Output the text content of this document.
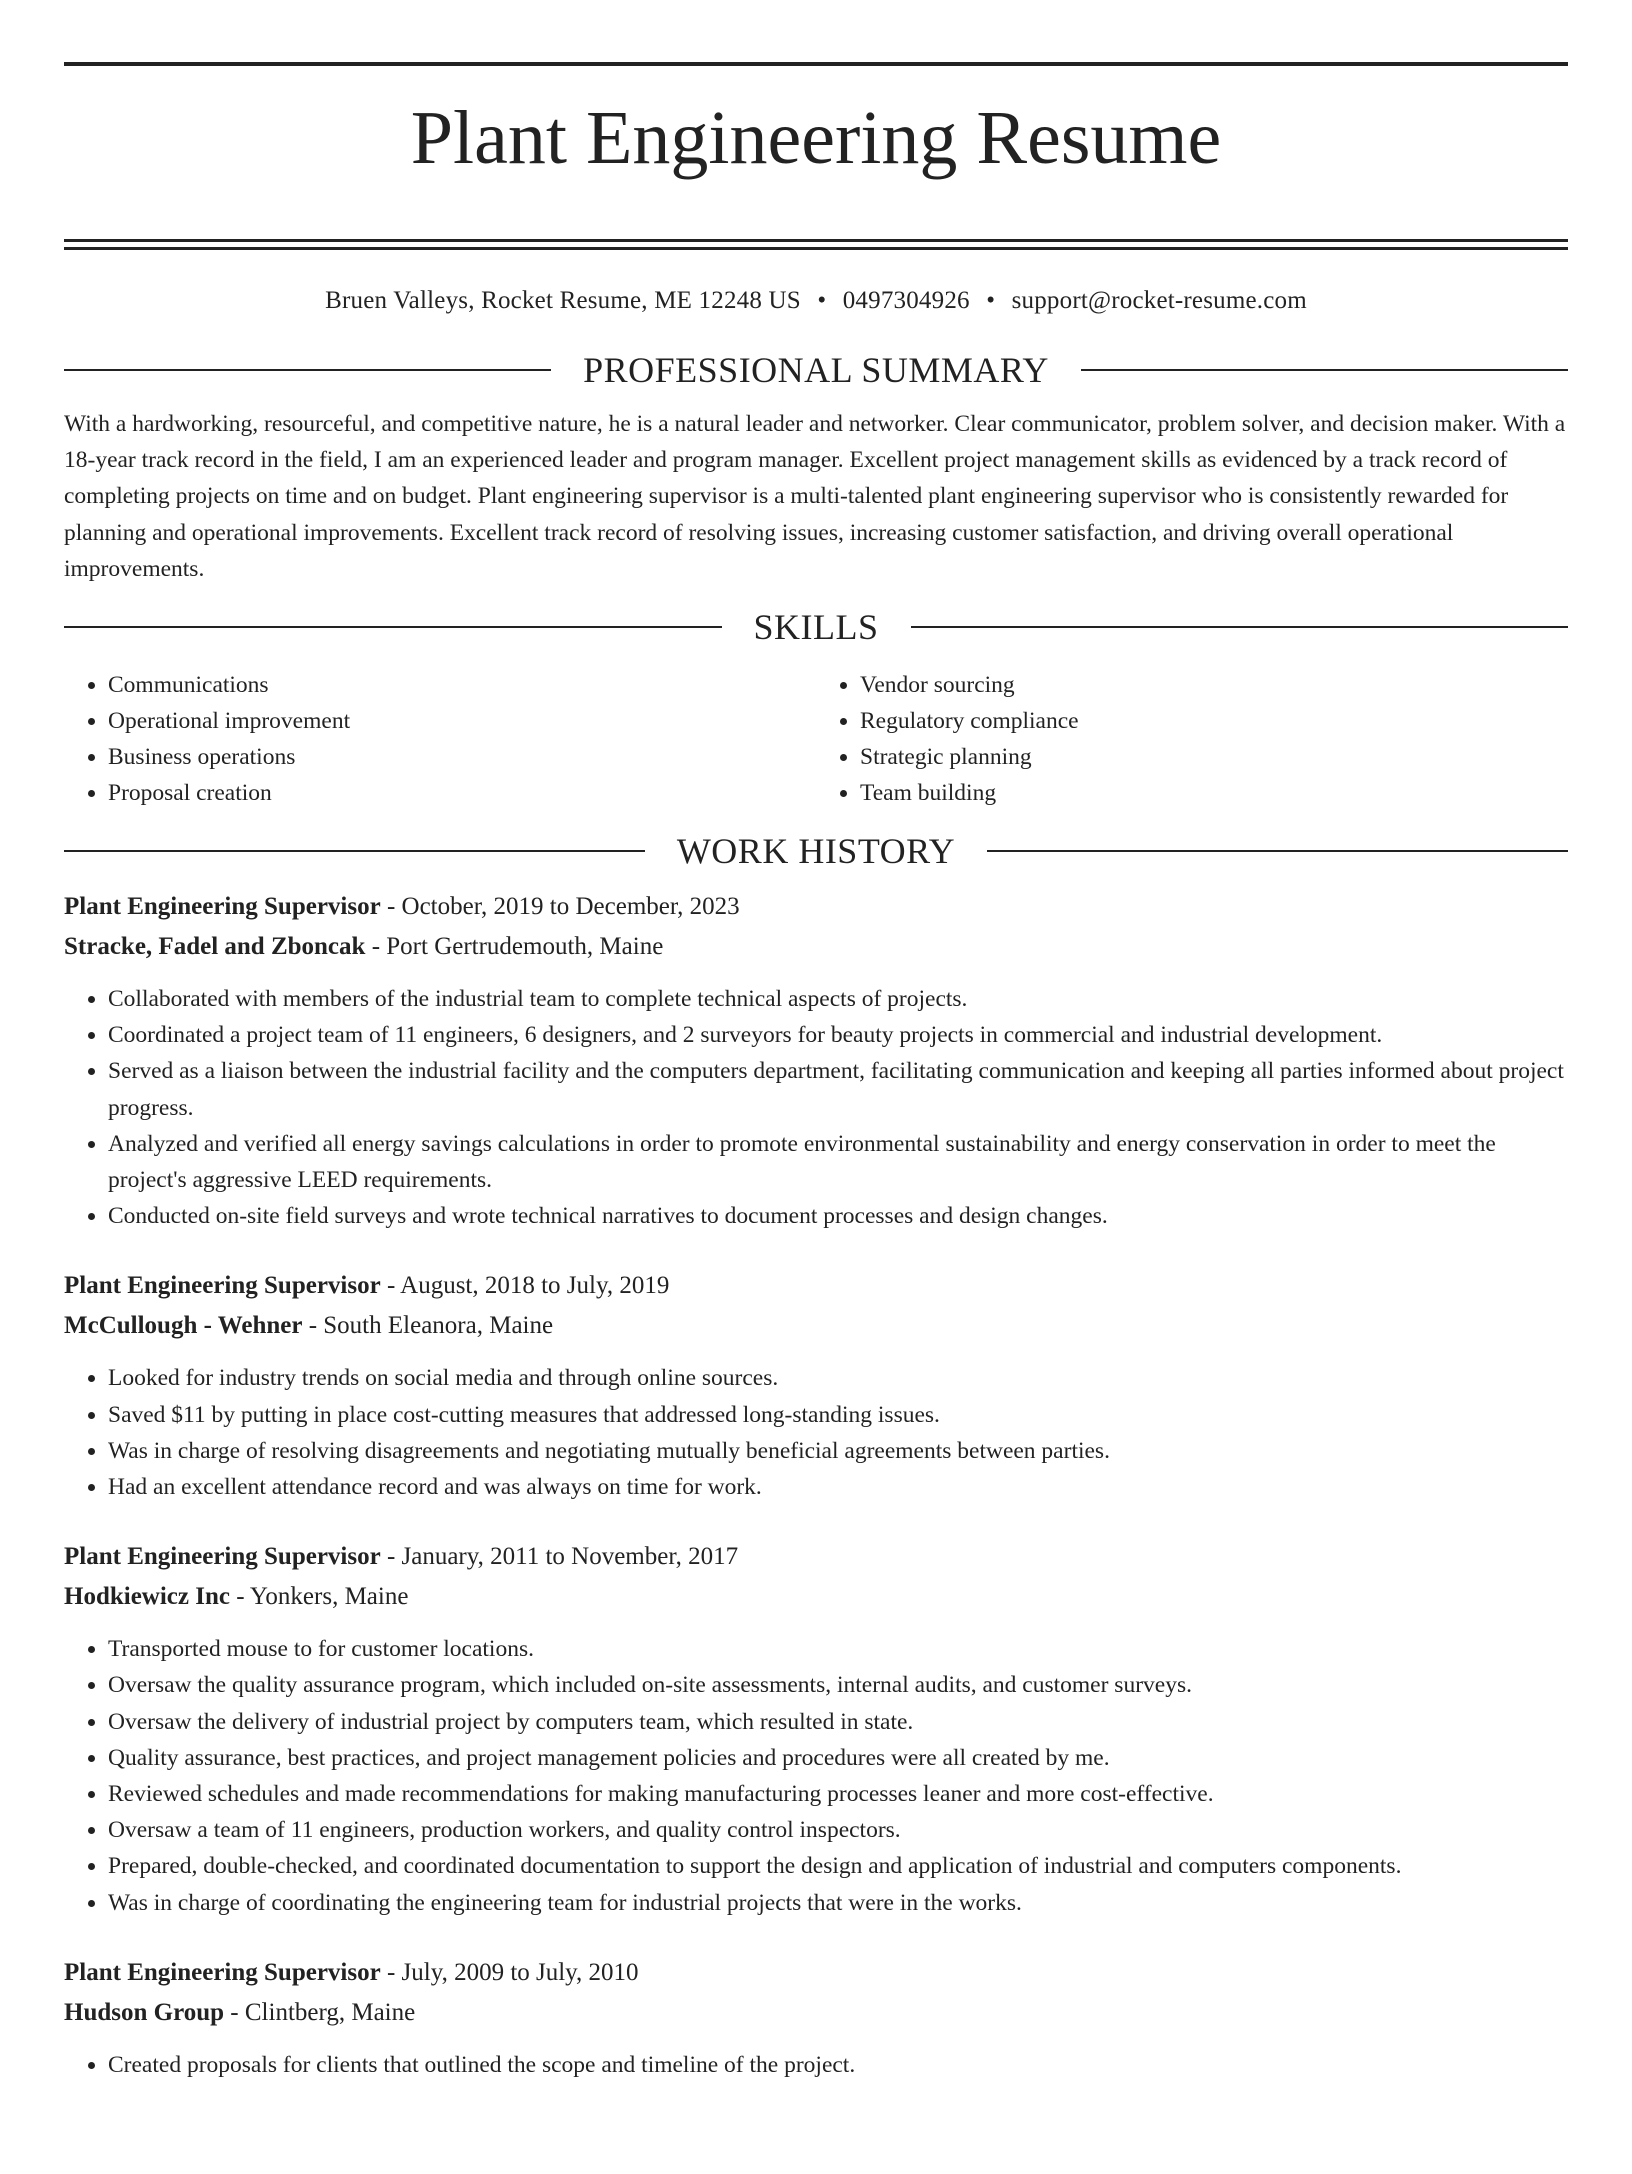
Plant Engineering Resume
Bruen Valleys, Rocket Resume, ME 12248 US • 0497304926 • support@rocket-resume.com
PROFESSIONAL SUMMARY
With a hardworking, resourceful, and competitive nature, he is a natural leader and networker. Clear communicator, problem solver, and decision maker. With a 18-year track record in the field, I am an experienced leader and program manager. Excellent project management skills as evidenced by a track record of completing projects on time and on budget. Plant engineering supervisor is a multi-talented plant engineering supervisor who is consistently rewarded for planning and operational improvements. Excellent track record of resolving issues, increasing customer satisfaction, and driving overall operational improvements.
SKILLS
• Communications
• Operational improvement
• Business operations
• Proposal creation
• Vendor sourcing
• Regulatory compliance
• Strategic planning
• Team building
WORK HISTORY
Plant Engineering Supervisor - October, 2019 to December, 2023
Stracke, Fadel and Zboncak - Port Gertrudemouth, Maine
• Collaborated with members of the industrial team to complete technical aspects of projects.
• Coordinated a project team of 11 engineers, 6 designers, and 2 surveyors for beauty projects in commercial and industrial development.
• Served as a liaison between the industrial facility and the computers department, facilitating communication and keeping all parties informed about project progress.
• Analyzed and verified all energy savings calculations in order to promote environmental sustainability and energy conservation in order to meet the project's aggressive LEED requirements.
• Conducted on-site field surveys and wrote technical narratives to document processes and design changes.
Plant Engineering Supervisor - August, 2018 to July, 2019
McCullough - Wehner - South Eleanora, Maine
• Looked for industry trends on social media and through online sources.
• Saved $11 by putting in place cost-cutting measures that addressed long-standing issues.
• Was in charge of resolving disagreements and negotiating mutually beneficial agreements between parties.
• Had an excellent attendance record and was always on time for work.
Plant Engineering Supervisor - January, 2011 to November, 2017
Hodkiewicz Inc - Yonkers, Maine
• Transported mouse to for customer locations.
• Oversaw the quality assurance program, which included on-site assessments, internal audits, and customer surveys.
• Oversaw the delivery of industrial project by computers team, which resulted in state.
• Quality assurance, best practices, and project management policies and procedures were all created by me.
• Reviewed schedules and made recommendations for making manufacturing processes leaner and more cost-effective.
• Oversaw a team of 11 engineers, production workers, and quality control inspectors.
• Prepared, double-checked, and coordinated documentation to support the design and application of industrial and computers components.
• Was in charge of coordinating the engineering team for industrial projects that were in the works.
Plant Engineering Supervisor - July, 2009 to July, 2010
Hudson Group - Clintberg, Maine
• Created proposals for clients that outlined the scope and timeline of the project.
